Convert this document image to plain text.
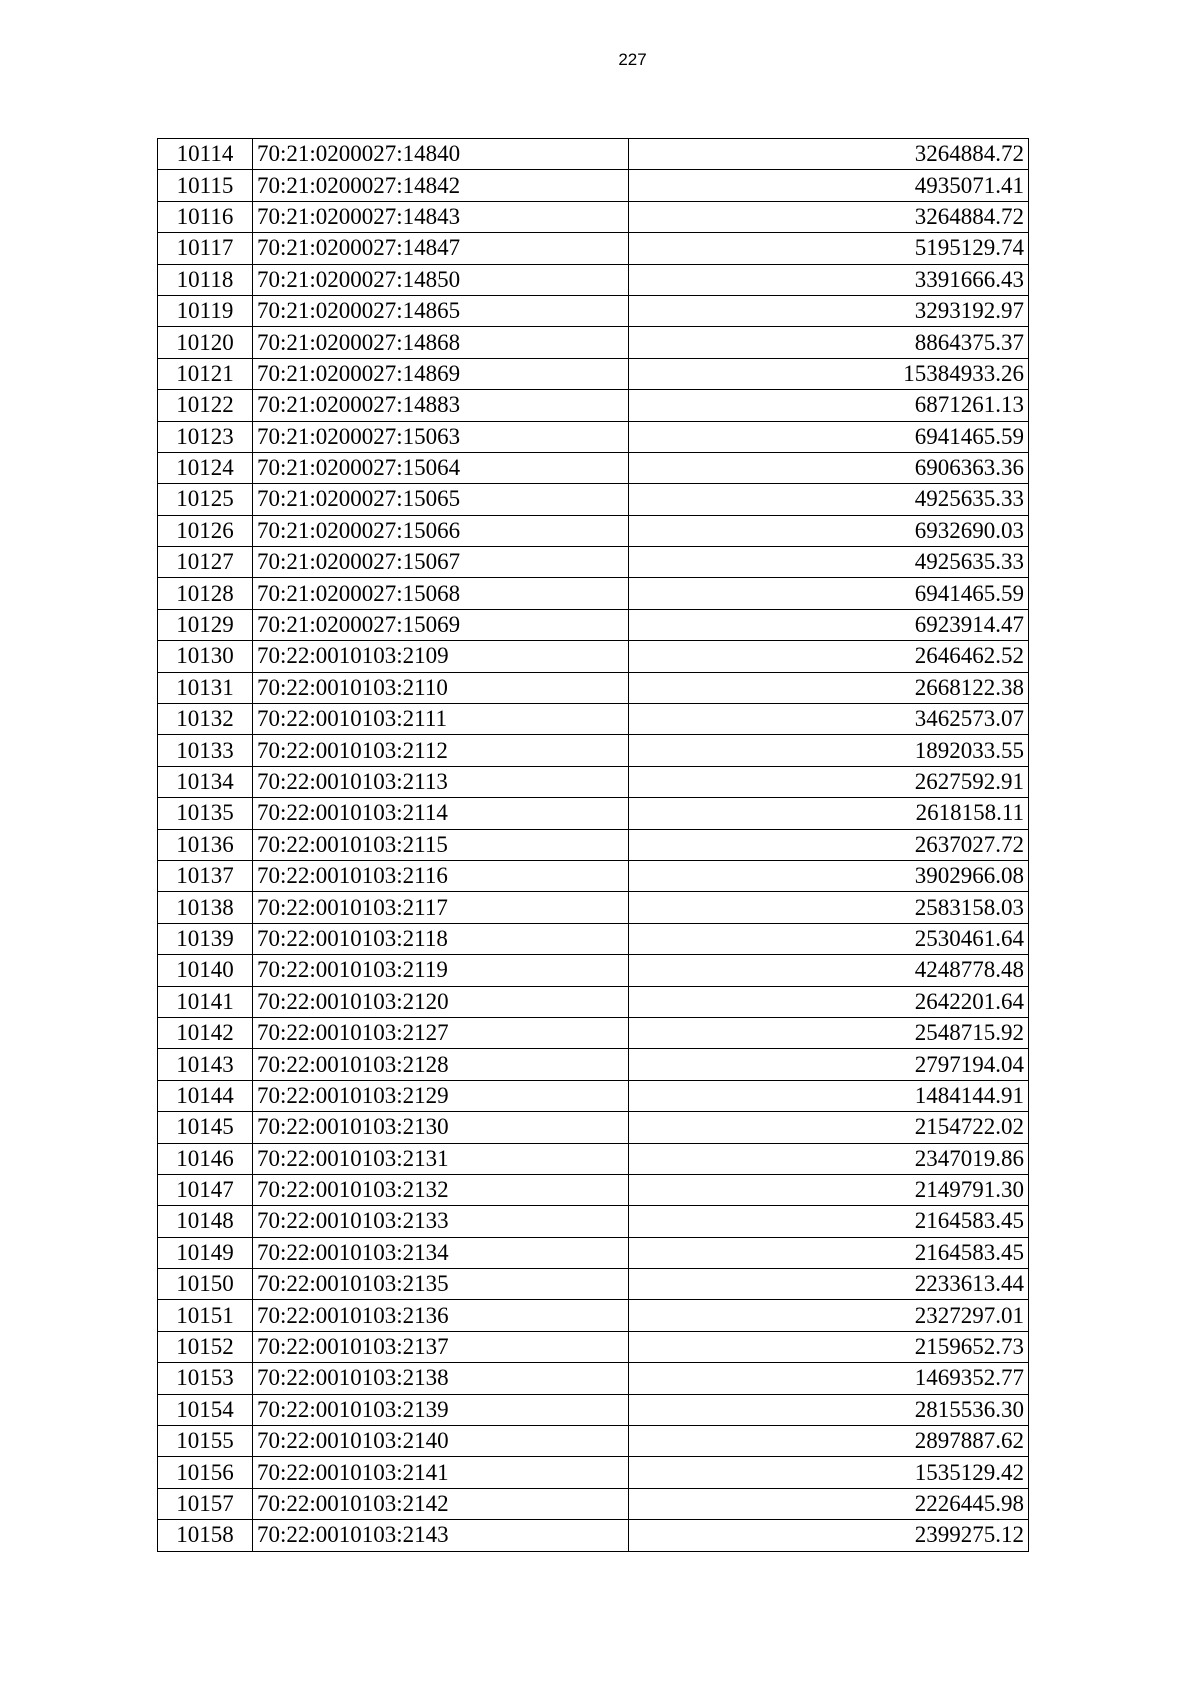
227
10114	70:21:0200027:14840	3264884.72
10115	70:21:0200027:14842	4935071.41
10116	70:21:0200027:14843	3264884.72
10117	70:21:0200027:14847	5195129.74
10118	70:21:0200027:14850	3391666.43
10119	70:21:0200027:14865	3293192.97
10120	70:21:0200027:14868	8864375.37
10121	70:21:0200027:14869	15384933.26
10122	70:21:0200027:14883	6871261.13
10123	70:21:0200027:15063	6941465.59
10124	70:21:0200027:15064	6906363.36
10125	70:21:0200027:15065	4925635.33
10126	70:21:0200027:15066	6932690.03
10127	70:21:0200027:15067	4925635.33
10128	70:21:0200027:15068	6941465.59
10129	70:21:0200027:15069	6923914.47
10130	70:22:0010103:2109	2646462.52
10131	70:22:0010103:2110	2668122.38
10132	70:22:0010103:2111	3462573.07
10133	70:22:0010103:2112	1892033.55
10134	70:22:0010103:2113	2627592.91
10135	70:22:0010103:2114	2618158.11
10136	70:22:0010103:2115	2637027.72
10137	70:22:0010103:2116	3902966.08
10138	70:22:0010103:2117	2583158.03
10139	70:22:0010103:2118	2530461.64
10140	70:22:0010103:2119	4248778.48
10141	70:22:0010103:2120	2642201.64
10142	70:22:0010103:2127	2548715.92
10143	70:22:0010103:2128	2797194.04
10144	70:22:0010103:2129	1484144.91
10145	70:22:0010103:2130	2154722.02
10146	70:22:0010103:2131	2347019.86
10147	70:22:0010103:2132	2149791.30
10148	70:22:0010103:2133	2164583.45
10149	70:22:0010103:2134	2164583.45
10150	70:22:0010103:2135	2233613.44
10151	70:22:0010103:2136	2327297.01
10152	70:22:0010103:2137	2159652.73
10153	70:22:0010103:2138	1469352.77
10154	70:22:0010103:2139	2815536.30
10155	70:22:0010103:2140	2897887.62
10156	70:22:0010103:2141	1535129.42
10157	70:22:0010103:2142	2226445.98
10158	70:22:0010103:2143	2399275.12
